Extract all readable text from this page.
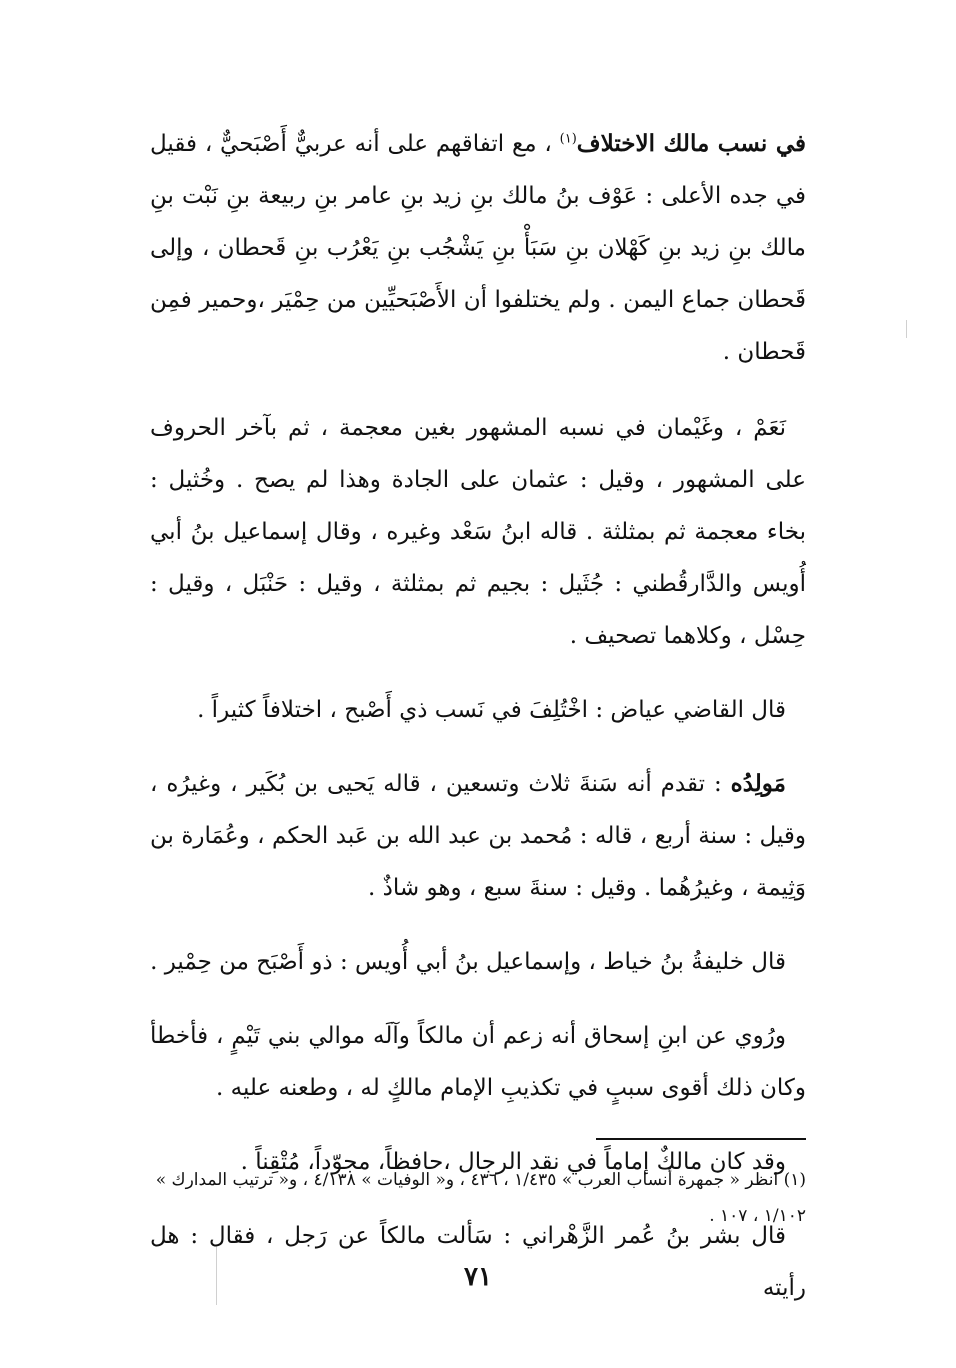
في نسب مالك الاختلاف$^{(١)}$ ، مع اتفاقهم على أنه عربيٌّ أَصْبَحيٌّ ، فقيل في جده الأعلى : عَوْف بنُ مالك بنِ زيد بنِ عامر بنِ ربيعة بنِ نَبْت بنِ مالك بنِ زيد بنِ كَهْلان بنِ سَبَأْ بنِ يَشْجُب بنِ يَعْرُب بنِ قَحطان ، وإلى قَحطان جماع اليمن . ولم يختلفوا أن الأَصْبَحيِّين من حِمْيَر ،وحمير فمِن قَحطان .

نَعَمْ ، وغَيْمان في نسبه المشهور بغين معجمة ، ثم بآخر الحروف على المشهور ، وقيل : عثمان على الجادة وهذا لم يصح . وخُثيل : بخاء معجمة ثم بمثلثة . قاله ابنُ سَعْد وغيره ، وقال إسماعيل بنُ أبي أُويس والدَّارقُطني : جُثَيل : بجيم ثم بمثلثة ، وقيل : حَنْبَل ، وقيل : حِسْل ، وكلاهما تصحيف .

قال القاضي عياض : اخْتُلِفَ في نَسب ذي أَصْبح ، اختلافاً كثيراً .

مَولِدُه : تقدم أنه سَنةَ ثلاث وتسعين ، قاله يَحيى بن بُكَير ، وغيرُه ، وقيل : سنة أربع ، قاله : مُحمد بن عبد الله بن عَبد الحكم ، وعُمَارة بن وَثِيمة ، وغيرُهُما . وقيل : سنةَ سبع ، وهو شاذٌ .

قال خليفةُ بنُ خياط ، وإسماعيل بنُ أبي أُويس : ذو أَصْبَح من حِمْير .

ورُوي عن ابنِ إسحاق أنه زعم أن مالكاً وآلَه موالي بني تَيْمٍ ، فأخطأ وكان ذلك أقوى سببٍ في تكذيبِ الإمام مالكٍ له ، وطعنه عليه .

وقد كان مالكٌ إماماً في نقد الرجال ،حافظاً، مجوّداً، مُتْقِناً .

قال بشر بنُ عُمر الزَّهْراني : سَألت مالكاً عن رَجل ، فقال : هل رأيته

(١) انظر « جمهرة أنساب العرب » ١/٤٣٥ ، ٤٣٦ ، و« الوفيات » ٤/١٣٨ ، و« ترتيب المدارك » ١/١٠٢ ، ١٠٧ .
٧١
